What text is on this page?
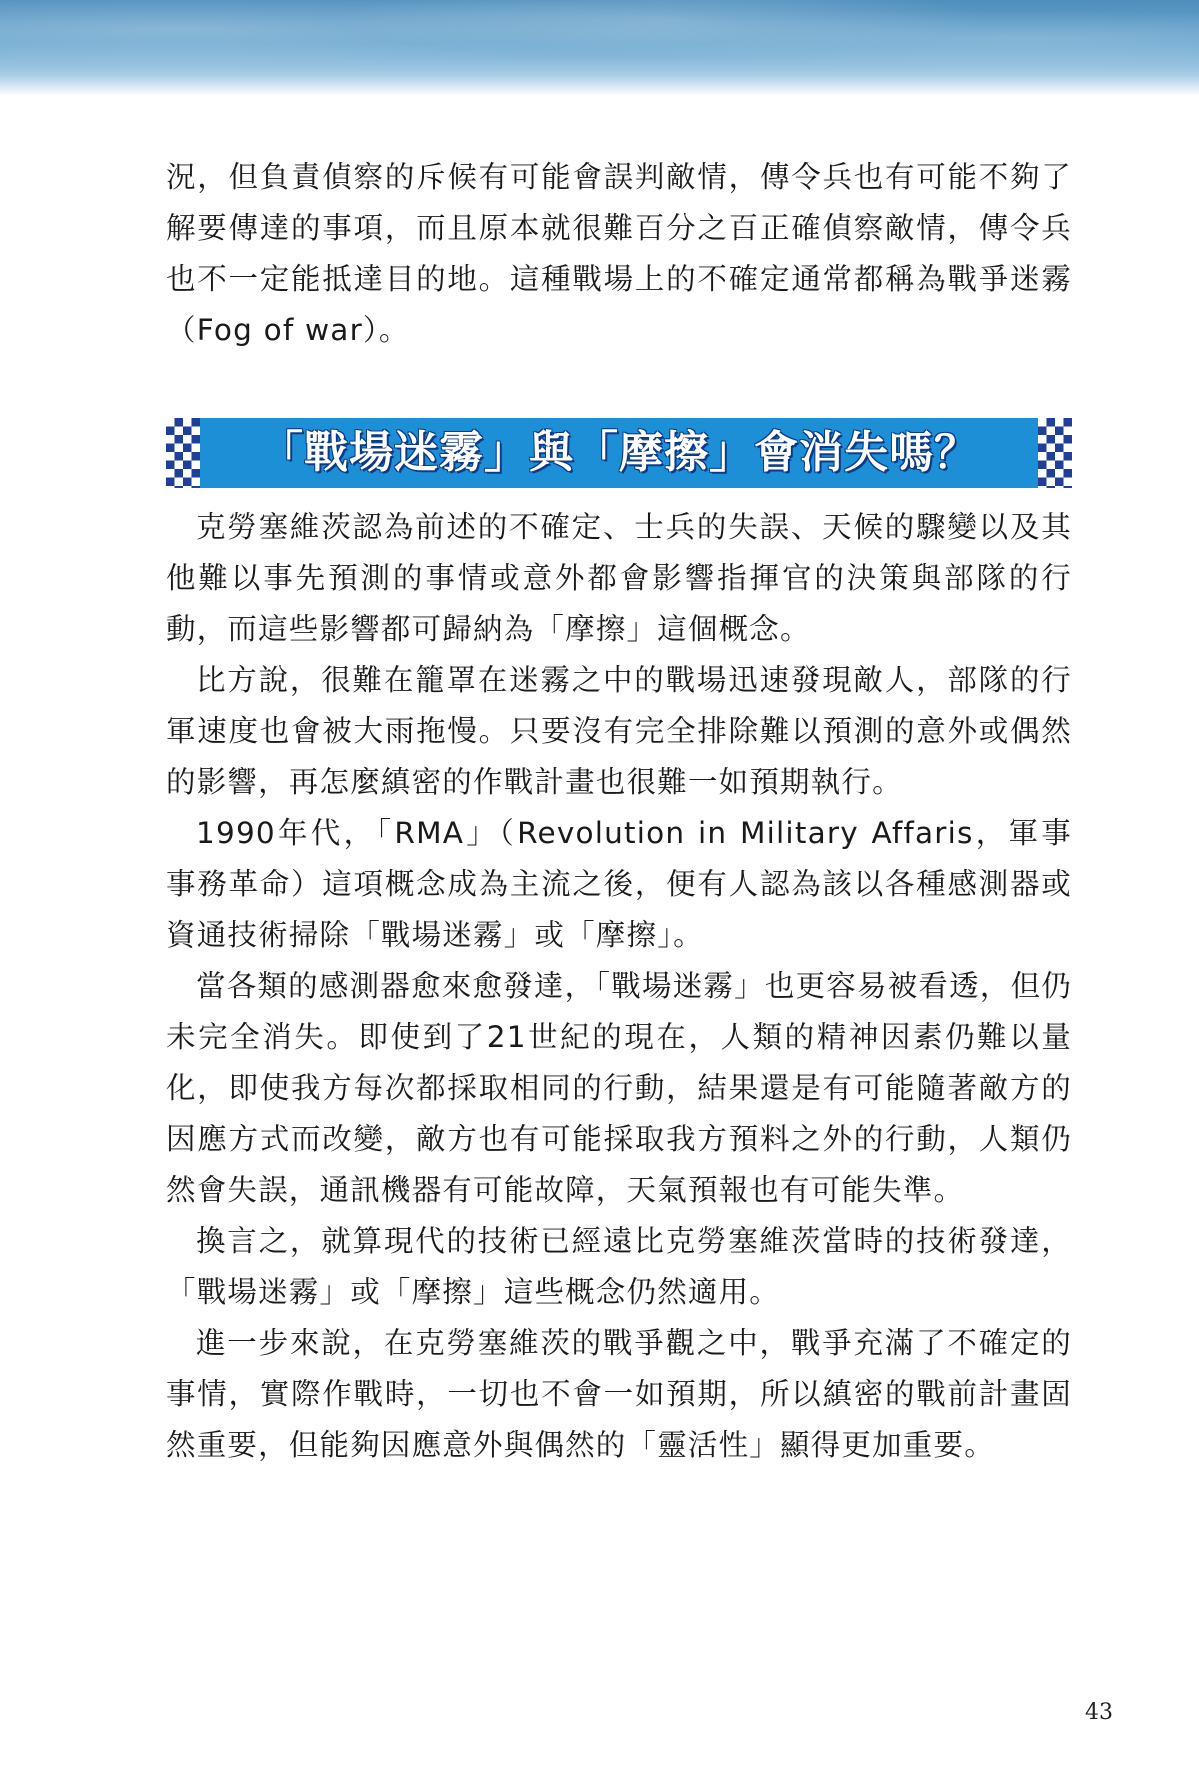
況，但負責偵察的斥候有可能會誤判敵情，傳令兵也有可能不夠了解要傳達的事項，而且原本就很難百分之百正確偵察敵情，傳令兵也不一定能抵達目的地。這種戰場上的不確定通常都稱為戰爭迷霧（Fog of war）。

「戰場迷霧」與「摩擦」會消失嗎？

克勞塞維茨認為前述的不確定、士兵的失誤、天候的驟變以及其他難以事先預測的事情或意外都會影響指揮官的決策與部隊的行動，而這些影響都可歸納為「摩擦」這個概念。

比方說，很難在籠罩在迷霧之中的戰場迅速發現敵人，部隊的行軍速度也會被大雨拖慢。只要沒有完全排除難以預測的意外或偶然的影響，再怎麼縝密的作戰計畫也很難一如預期執行。

1990年代，「RMA」（Revolution in Military Affaris，軍事事務革命）這項概念成為主流之後，便有人認為該以各種感測器或資通技術掃除「戰場迷霧」或「摩擦」。

當各類的感測器愈來愈發達，「戰場迷霧」也更容易被看透，但仍未完全消失。即使到了21世紀的現在，人類的精神因素仍難以量化，即使我方每次都採取相同的行動，結果還是有可能隨著敵方的因應方式而改變，敵方也有可能採取我方預料之外的行動，人類仍然會失誤，通訊機器有可能故障，天氣預報也有可能失準。

換言之，就算現代的技術已經遠比克勞塞維茨當時的技術發達，「戰場迷霧」或「摩擦」這些概念仍然適用。

進一步來說，在克勞塞維茨的戰爭觀之中，戰爭充滿了不確定的事情，實際作戰時，一切也不會一如預期，所以縝密的戰前計畫固然重要，但能夠因應意外與偶然的「靈活性」顯得更加重要。

43
